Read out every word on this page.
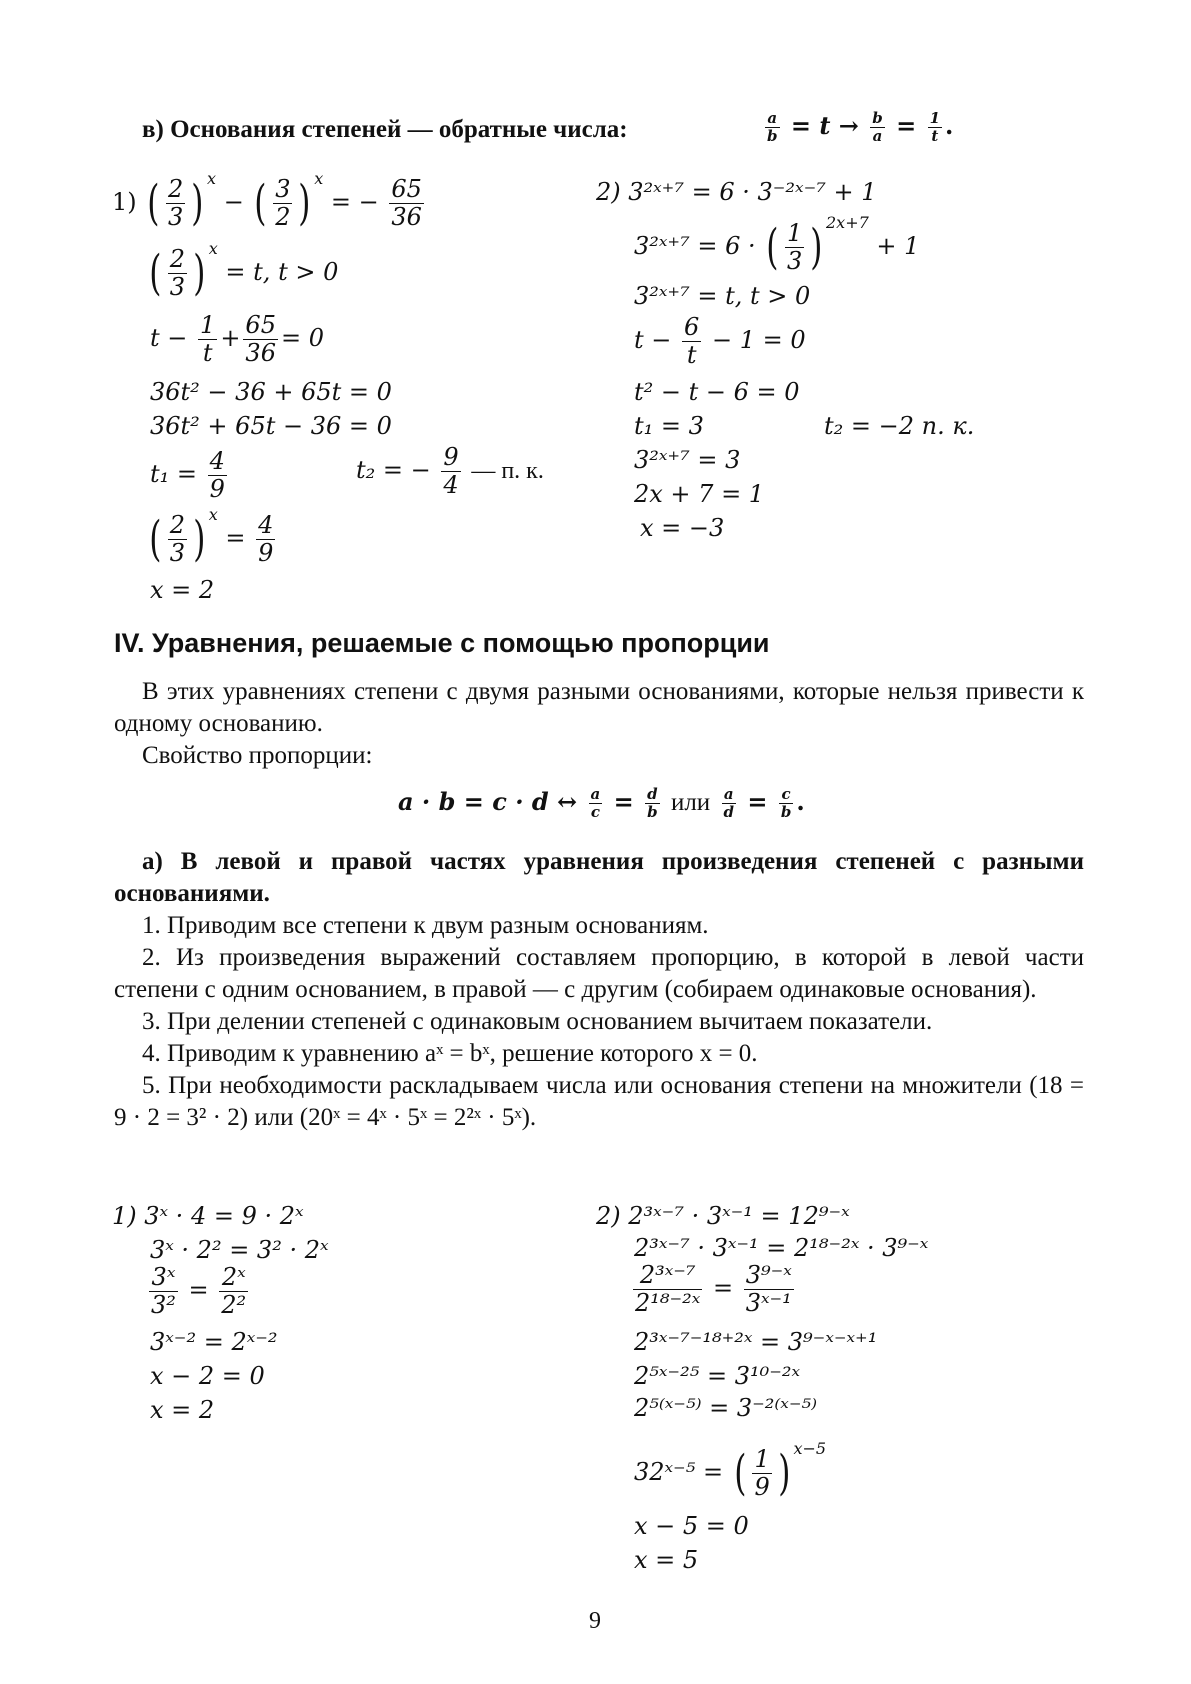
в) Основания степеней — обратные числа:	$\frac{a}{b} = t \to \frac{b}{a} = \frac{1}{t}$ .
1) ( $\frac{2}{3}$ ) $^x$ − ( $\frac{3}{2}$ ) $^x$ = − $\frac{65}{36}$
( $\frac{2}{3}$ ) $^x$ = t, t > 0
$t - \frac{1}{t} + \frac{65}{36} = 0$
36t² − 36 + 65t = 0
36t² + 65t − 36 = 0
$t_1 = \frac{4}{9}$	t₂ = − $\frac{9}{4}$ — п. к.
( $\frac{2}{3}$ ) $^x = \frac{4}{9}$
x = 2
2) 3²ˣ⁺⁷ = 6 · 3⁻²ˣ⁻⁷ + 1
3²ˣ⁺⁷ = 6 · ( $\frac{1}{3}$ ) $^{2x+7}$ + 1
3²ˣ⁺⁷ = t, t > 0
$t - \frac{6}{t} - 1 = 0$
t² − t − 6 = 0
t₁ = 3	t₂ = −2 п. к.
3²ˣ⁺⁷ = 3
2x + 7 = 1
x = −3
IV. Уравнения, решаемые с помощью пропорции

В этих уравнениях степени с двумя разными основаниями, которые нельзя привести к одному основанию.

Свойство пропорции:

a · b = c · d ↔ $\frac{a}{c} = \frac{d}{b}$ или $\frac{a}{d} = \frac{c}{b}$ .

а) В левой и правой частях уравнения произведения степеней с разными основаниями.

1. Приводим все степени к двум разным основаниям.

2. Из произведения выражений составляем пропорцию, в которой в левой части степени с одним основанием, в правой — с другим (собираем одинаковые основания).

3. При делении степеней с одинаковым основанием вычитаем показатели.

4. Приводим к уравнению aˣ = bˣ, решение которого x = 0.

5. При необходимости раскладываем числа или основания степени на множители (18 = 9 · 2 = 3² · 2) или (20ˣ = 4ˣ · 5ˣ = 2²ˣ · 5ˣ).

1) 3ˣ · 4 = 9 · 2ˣ
3ˣ · 2² = 3² · 2ˣ
$\frac{\text{3ˣ}}{\text{3²}} = \frac{\text{2ˣ}}{\text{2²}}$
3ˣ⁻² = 2ˣ⁻²
x − 2 = 0
x = 2
2) 2³ˣ⁻⁷ · 3ˣ⁻¹ = 12⁹⁻ˣ
2³ˣ⁻⁷ · 3ˣ⁻¹ = 2¹⁸⁻²ˣ · 3⁹⁻ˣ
$\frac{\text{2³ˣ⁻⁷}}{\text{2¹⁸⁻²ˣ}} = \frac{\text{3⁹⁻ˣ}}{\text{3ˣ⁻¹}}$
2³ˣ⁻⁷⁻¹⁸⁺²ˣ = 3⁹⁻ˣ⁻ˣ⁺¹
2⁵ˣ⁻²⁵ = 3¹⁰⁻²ˣ
2⁵⁽ˣ⁻⁵⁾ = 3⁻²⁽ˣ⁻⁵⁾
32ˣ⁻⁵ = ( $\frac{1}{9}$ ) $^{x-5}$
x − 5 = 0
x = 5
9
